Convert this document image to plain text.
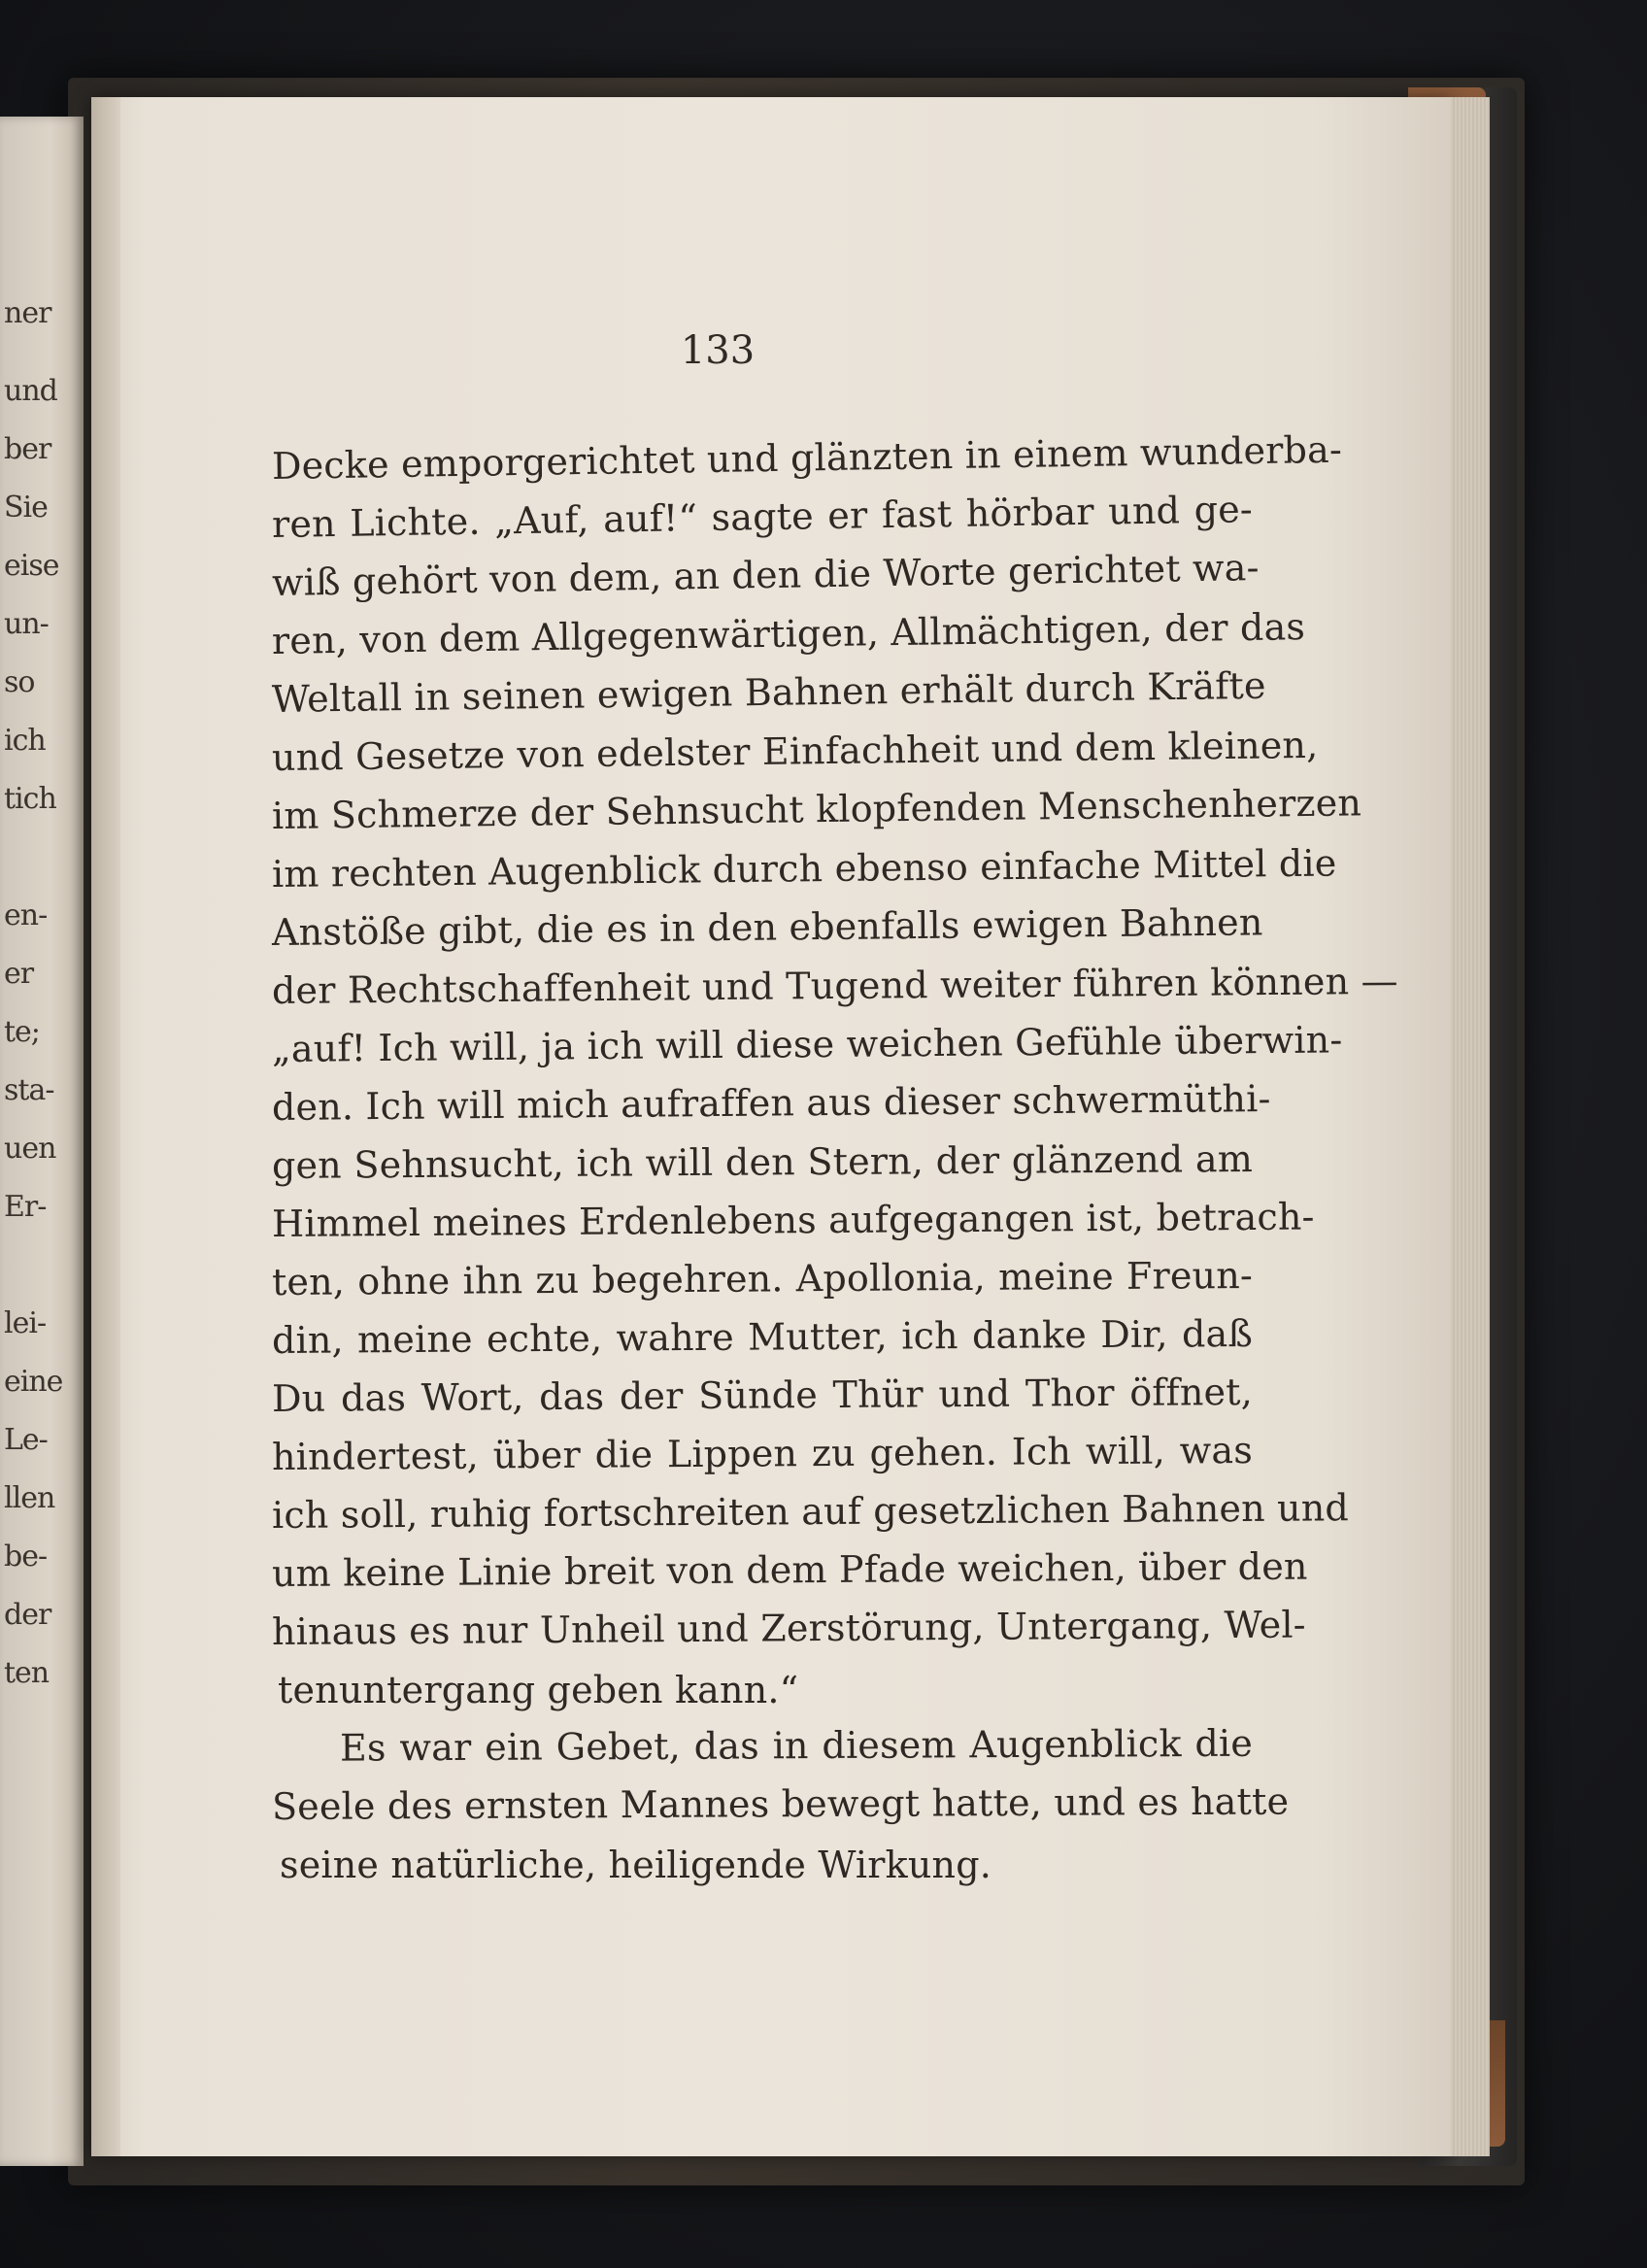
ner
und
ber
Sie
eise
un-
so
ich
tich
en-
er
te;
sta-
uen
Er-
lei-
eine
Le-
llen
be-
der
ten
133
Decke emporgerichtet und glänzten in einem wunderba-
ren Lichte. „Auf, auf!“ sagte er fast hörbar und ge-
wiß gehört von dem, an den die Worte gerichtet wa-
ren, von dem Allgegenwärtigen, Allmächtigen, der das
Weltall in seinen ewigen Bahnen erhält durch Kräfte
und Gesetze von edelster Einfachheit und dem kleinen,
im Schmerze der Sehnsucht klopfenden Menschenherzen
im rechten Augenblick durch ebenso einfache Mittel die
Anstöße gibt, die es in den ebenfalls ewigen Bahnen
der Rechtschaffenheit und Tugend weiter führen können —
„auf! Ich will, ja ich will diese weichen Gefühle überwin-
den. Ich will mich aufraffen aus dieser schwermüthi-
gen Sehnsucht, ich will den Stern, der glänzend am
Himmel meines Erdenlebens aufgegangen ist, betrach-
ten, ohne ihn zu begehren. Apollonia, meine Freun-
din, meine echte, wahre Mutter, ich danke Dir, daß
Du das Wort, das der Sünde Thür und Thor öffnet,
hindertest, über die Lippen zu gehen. Ich will, was
ich soll, ruhig fortschreiten auf gesetzlichen Bahnen und
um keine Linie breit von dem Pfade weichen, über den
hinaus es nur Unheil und Zerstörung, Untergang, Wel-
tenuntergang geben kann.“
Es war ein Gebet, das in diesem Augenblick die
Seele des ernsten Mannes bewegt hatte, und es hatte
seine natürliche, heiligende Wirkung.
